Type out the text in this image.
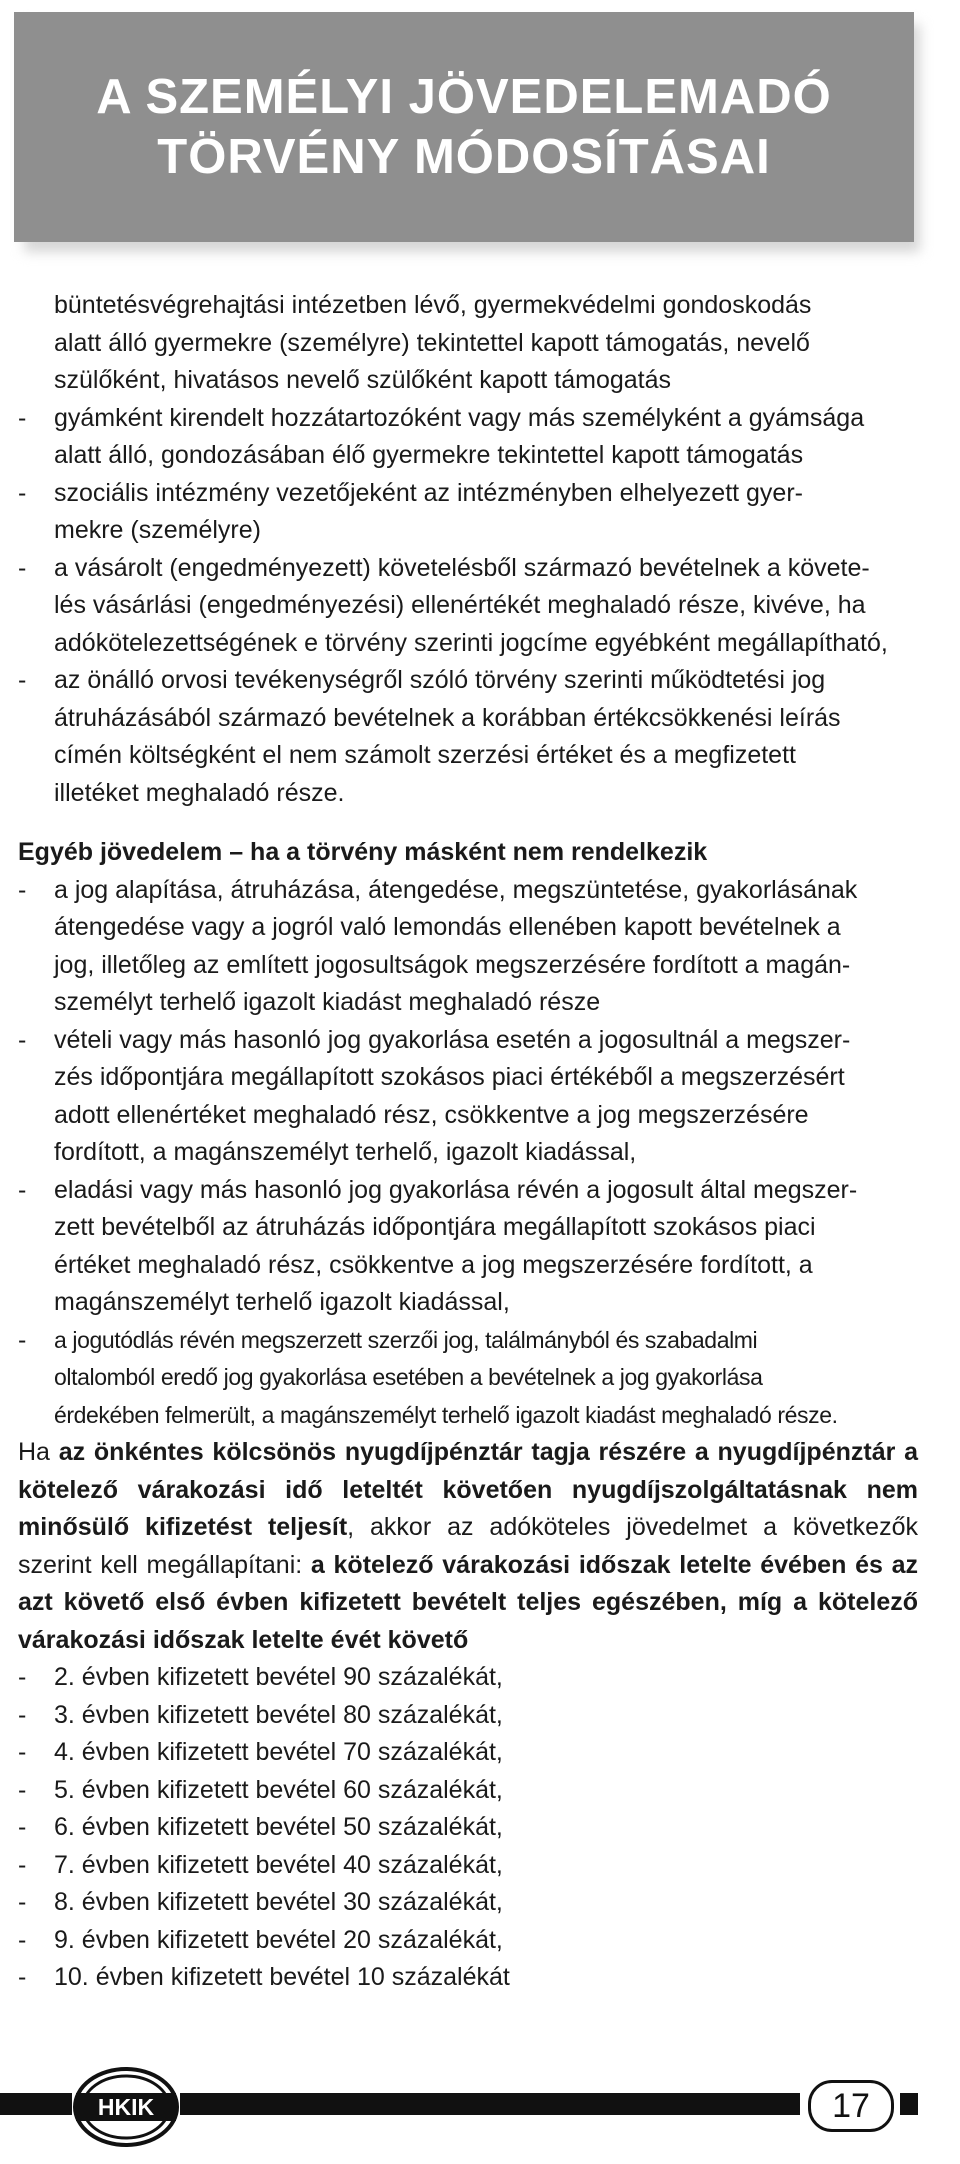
A SZEMÉLYI JÖVEDELEMADÓ
TÖRVÉNY MÓDOSÍTÁSAI
büntetésvégrehajtási intézetben lévő, gyermekvédelmi gondoskodás
alatt álló gyermekre (személyre) tekintettel kapott támogatás, nevelő
szülőként, hivatásos nevelő szülőként kapott támogatás
-	gyámként kirendelt hozzátartozóként vagy más személyként a gyámsága
alatt álló, gondozásában élő gyermekre tekintettel kapott támogatás
-	szociális intézmény vezetőjeként az intézményben elhelyezett gyer-
mekre (személyre)
-	a vásárolt (engedményezett) követelésből származó bevételnek a követe-
lés vásárlási (engedményezési) ellenértékét meghaladó része, kivéve, ha
adókötelezettségének e törvény szerinti jogcíme egyébként megállapítható,
-	az önálló orvosi tevékenységről szóló törvény szerinti működtetési jog
átruházásából származó bevételnek a korábban értékcsökkenési leírás
címén költségként el nem számolt szerzési értéket és a megfizetett
illetéket meghaladó része.
Egyéb jövedelem – ha a törvény másként nem rendelkezik
-	a jog alapítása, átruházása, átengedése, megszüntetése, gyakorlásának
átengedése vagy a jogról való lemondás ellenében kapott bevételnek a
jog, illetőleg az említett jogosultságok megszerzésére fordított a magán-
személyt terhelő igazolt kiadást meghaladó része
-	vételi vagy más hasonló jog gyakorlása esetén a jogosultnál a megszer-
zés időpontjára megállapított szokásos piaci értékéből a megszerzésért
adott ellenértéket meghaladó rész, csökkentve a jog megszerzésére
fordított, a magánszemélyt terhelő, igazolt kiadással,
-	eladási vagy más hasonló jog gyakorlása révén a jogosult által megszer-
zett bevételből az átruházás időpontjára megállapított szokásos piaci
értéket meghaladó rész, csökkentve a jog megszerzésére fordított, a
magánszemélyt terhelő igazolt kiadással,
-	a jogutódlás révén megszerzett szerzői jog, találmányból és szabadalmi
oltalomból eredő jog gyakorlása esetében a bevételnek a jog gyakorlása
érdekében felmerült, a magánszemélyt terhelő igazolt kiadást meghaladó része.
Ha az önkéntes kölcsönös nyugdíjpénztár tagja részére a nyugdíjpénztár a kötelező várakozási idő leteltét követően nyugdíjszolgáltatásnak nem minősülő kifizetést teljesít, akkor az adóköteles jövedelmet a következők szerint kell megállapítani: a kötelező várakozási időszak letelte évében és az azt követő első évben kifizetett bevételt teljes egészében, míg a kötelező várakozási időszak letelte évét követő
-	2. évben kifizetett bevétel 90 százalékát,
-	3. évben kifizetett bevétel 80 százalékát,
-	4. évben kifizetett bevétel 70 százalékát,
-	5. évben kifizetett bevétel 60 százalékát,
-	6. évben kifizetett bevétel 50 százalékát,
-	7. évben kifizetett bevétel 40 százalékát,
-	8. évben kifizetett bevétel 30 százalékát,
-	9. évben kifizetett bevétel 20 százalékát,
-	10. évben kifizetett bevétel 10 százalékát
HKIK	17
